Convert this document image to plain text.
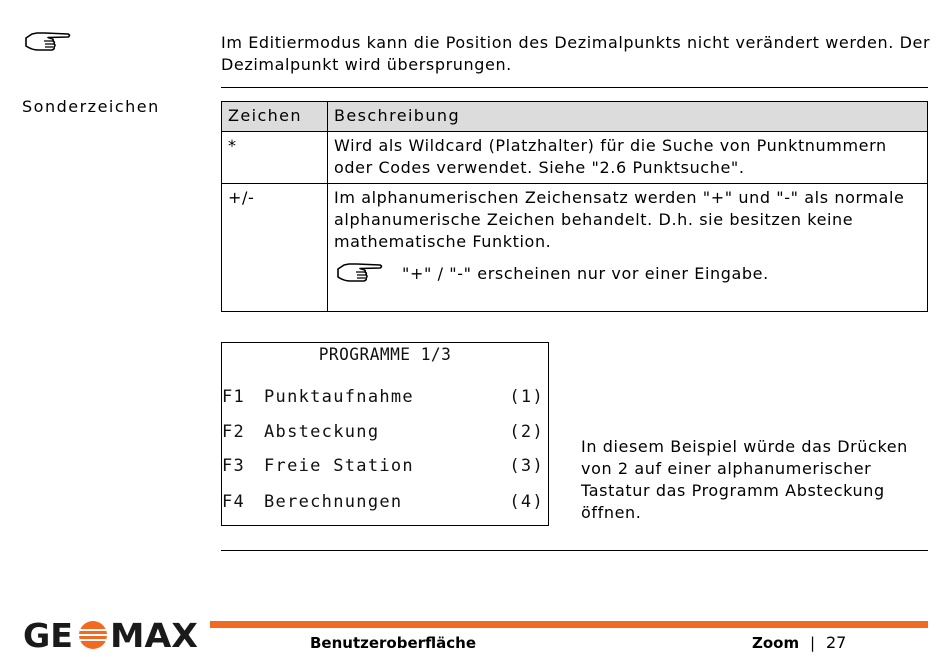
Im Editiermodus kann die Position des Dezimalpunkts nicht verändert werden. Der Dezimalpunkt wird übersprungen.
Sonderzeichen	Zeichen	Beschreibung
*	Wird als Wildcard (Platzhalter) für die Suche von Punktnummern oder Codes verwendet. Siehe "2.6 Punktsuche".
+/-	Im alphanumerischen Zeichensatz werden "+" und "-" als normale alphanumerische Zeichen behandelt. D.h. sie besitzen keine mathematische Funktion.
"+" / "-" erscheinen nur vor einer Eingabe.
PROGRAMME 1/3
F1 Punktaufnahme	(1)
F2 Absteckung	(2)
F3 Freie Station	(3)
F4 Berechnungen	(4)
In diesem Beispiel würde das Drücken von 2 auf einer alphanumerischer Tastatur das Programm Absteckung öffnen.
GE MAX	Benutzeroberfläche	Zoom | 27
